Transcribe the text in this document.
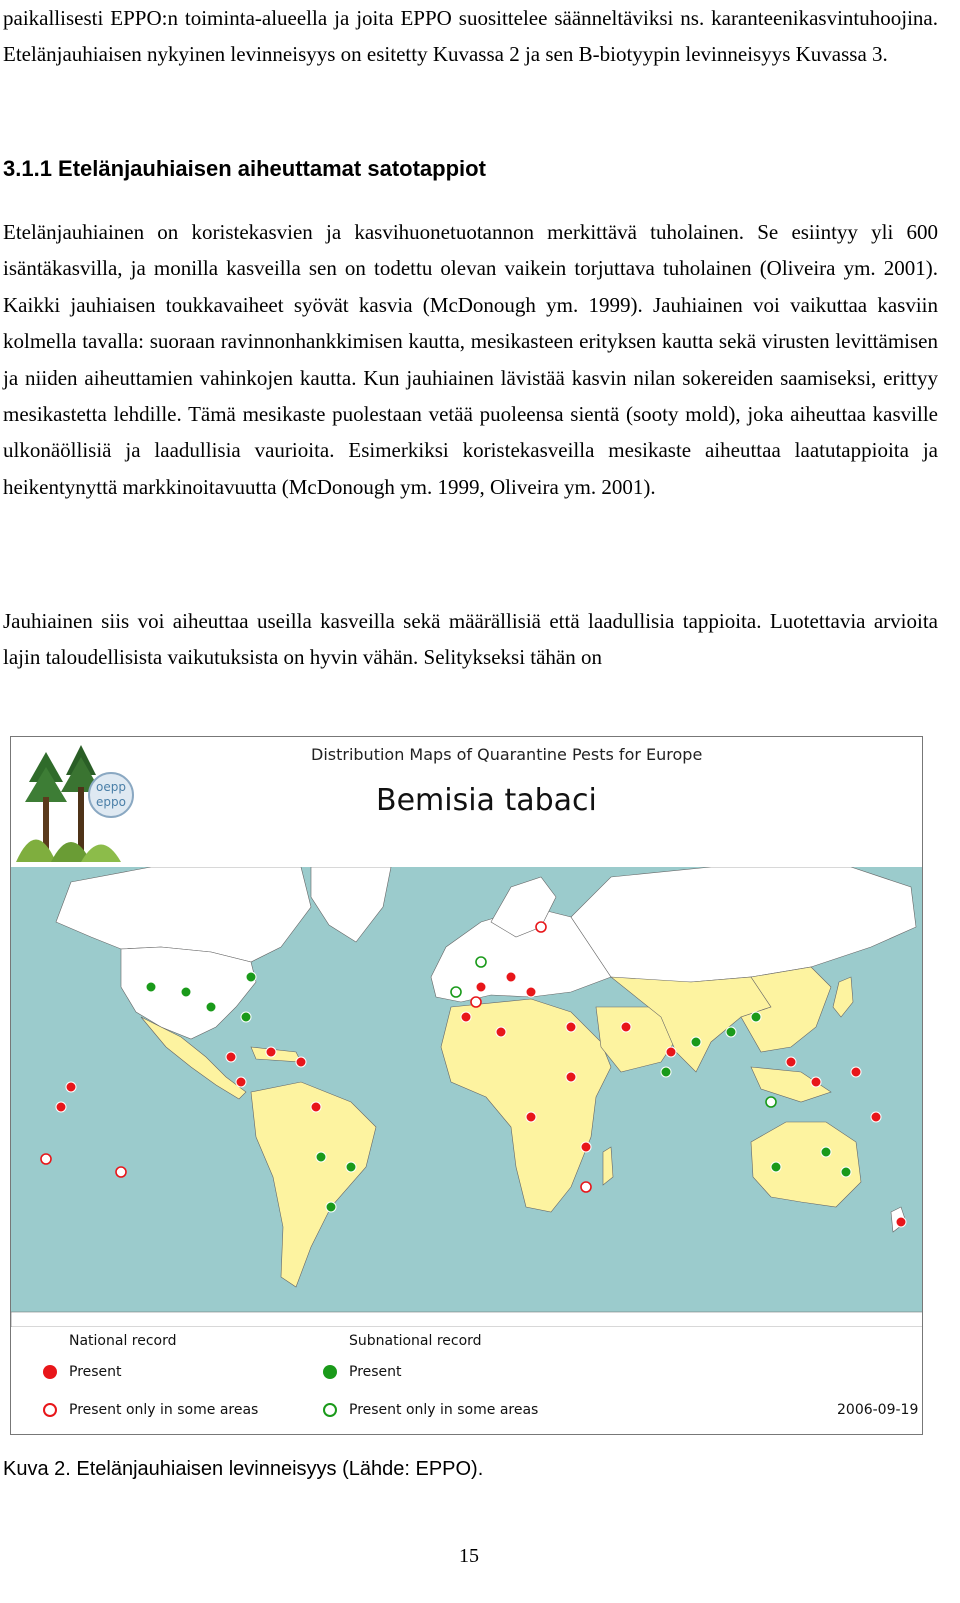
paikallisesti EPPO:n toiminta-alueella ja joita EPPO suosittelee säänneltäviksi ns. karanteenikasvintuhoojina. Etelänjauhiaisen nykyinen levinneisyys on esitetty Kuvassa 2 ja sen B-biotyypin levinneisyys Kuvassa 3.

3.1.1 Etelänjauhiaisen aiheuttamat satotappiot

Etelänjauhiainen on koristekasvien ja kasvihuonetuotannon merkittävä tuholainen. Se esiintyy yli 600 isäntäkasvilla, ja monilla kasveilla sen on todettu olevan vaikein torjuttava tuholainen (Oliveira ym. 2001). Kaikki jauhiaisen toukkavaiheet syövät kasvia (McDonough ym. 1999). Jauhiainen voi vaikuttaa kasviin kolmella tavalla: suoraan ravinnonhankkimisen kautta, mesikasteen erityksen kautta sekä virusten levittämisen ja niiden aiheuttamien vahinkojen kautta. Kun jauhiainen lävistää kasvin nilan sokereiden saamiseksi, erittyy mesikastetta lehdille. Tämä mesikaste puolestaan vetää puoleensa sientä (sooty mold), joka aiheuttaa kasville ulkonäöllisiä ja laadullisia vaurioita. Esimerkiksi koristekasveilla mesikaste aiheuttaa laatutappioita ja heikentynyttä markkinoitavuutta (McDonough ym. 1999, Oliveira ym. 2001).

Jauhiainen siis voi aiheuttaa useilla kasveilla sekä määrällisiä että laadullisia tappioita. Luotettavia arvioita lajin taloudellisista vaikutuksista on hyvin vähän. Selitykseksi tähän on

oepp
eppo
Distribution Maps of Quarantine Pests for Europe
Bemisia tabaci
National record	Subnational record
Present
Present only in some areas
Present
Present only in some areas	2006-09-19

Kuva 2. Etelänjauhiaisen levinneisyys (Lähde: EPPO).

15
